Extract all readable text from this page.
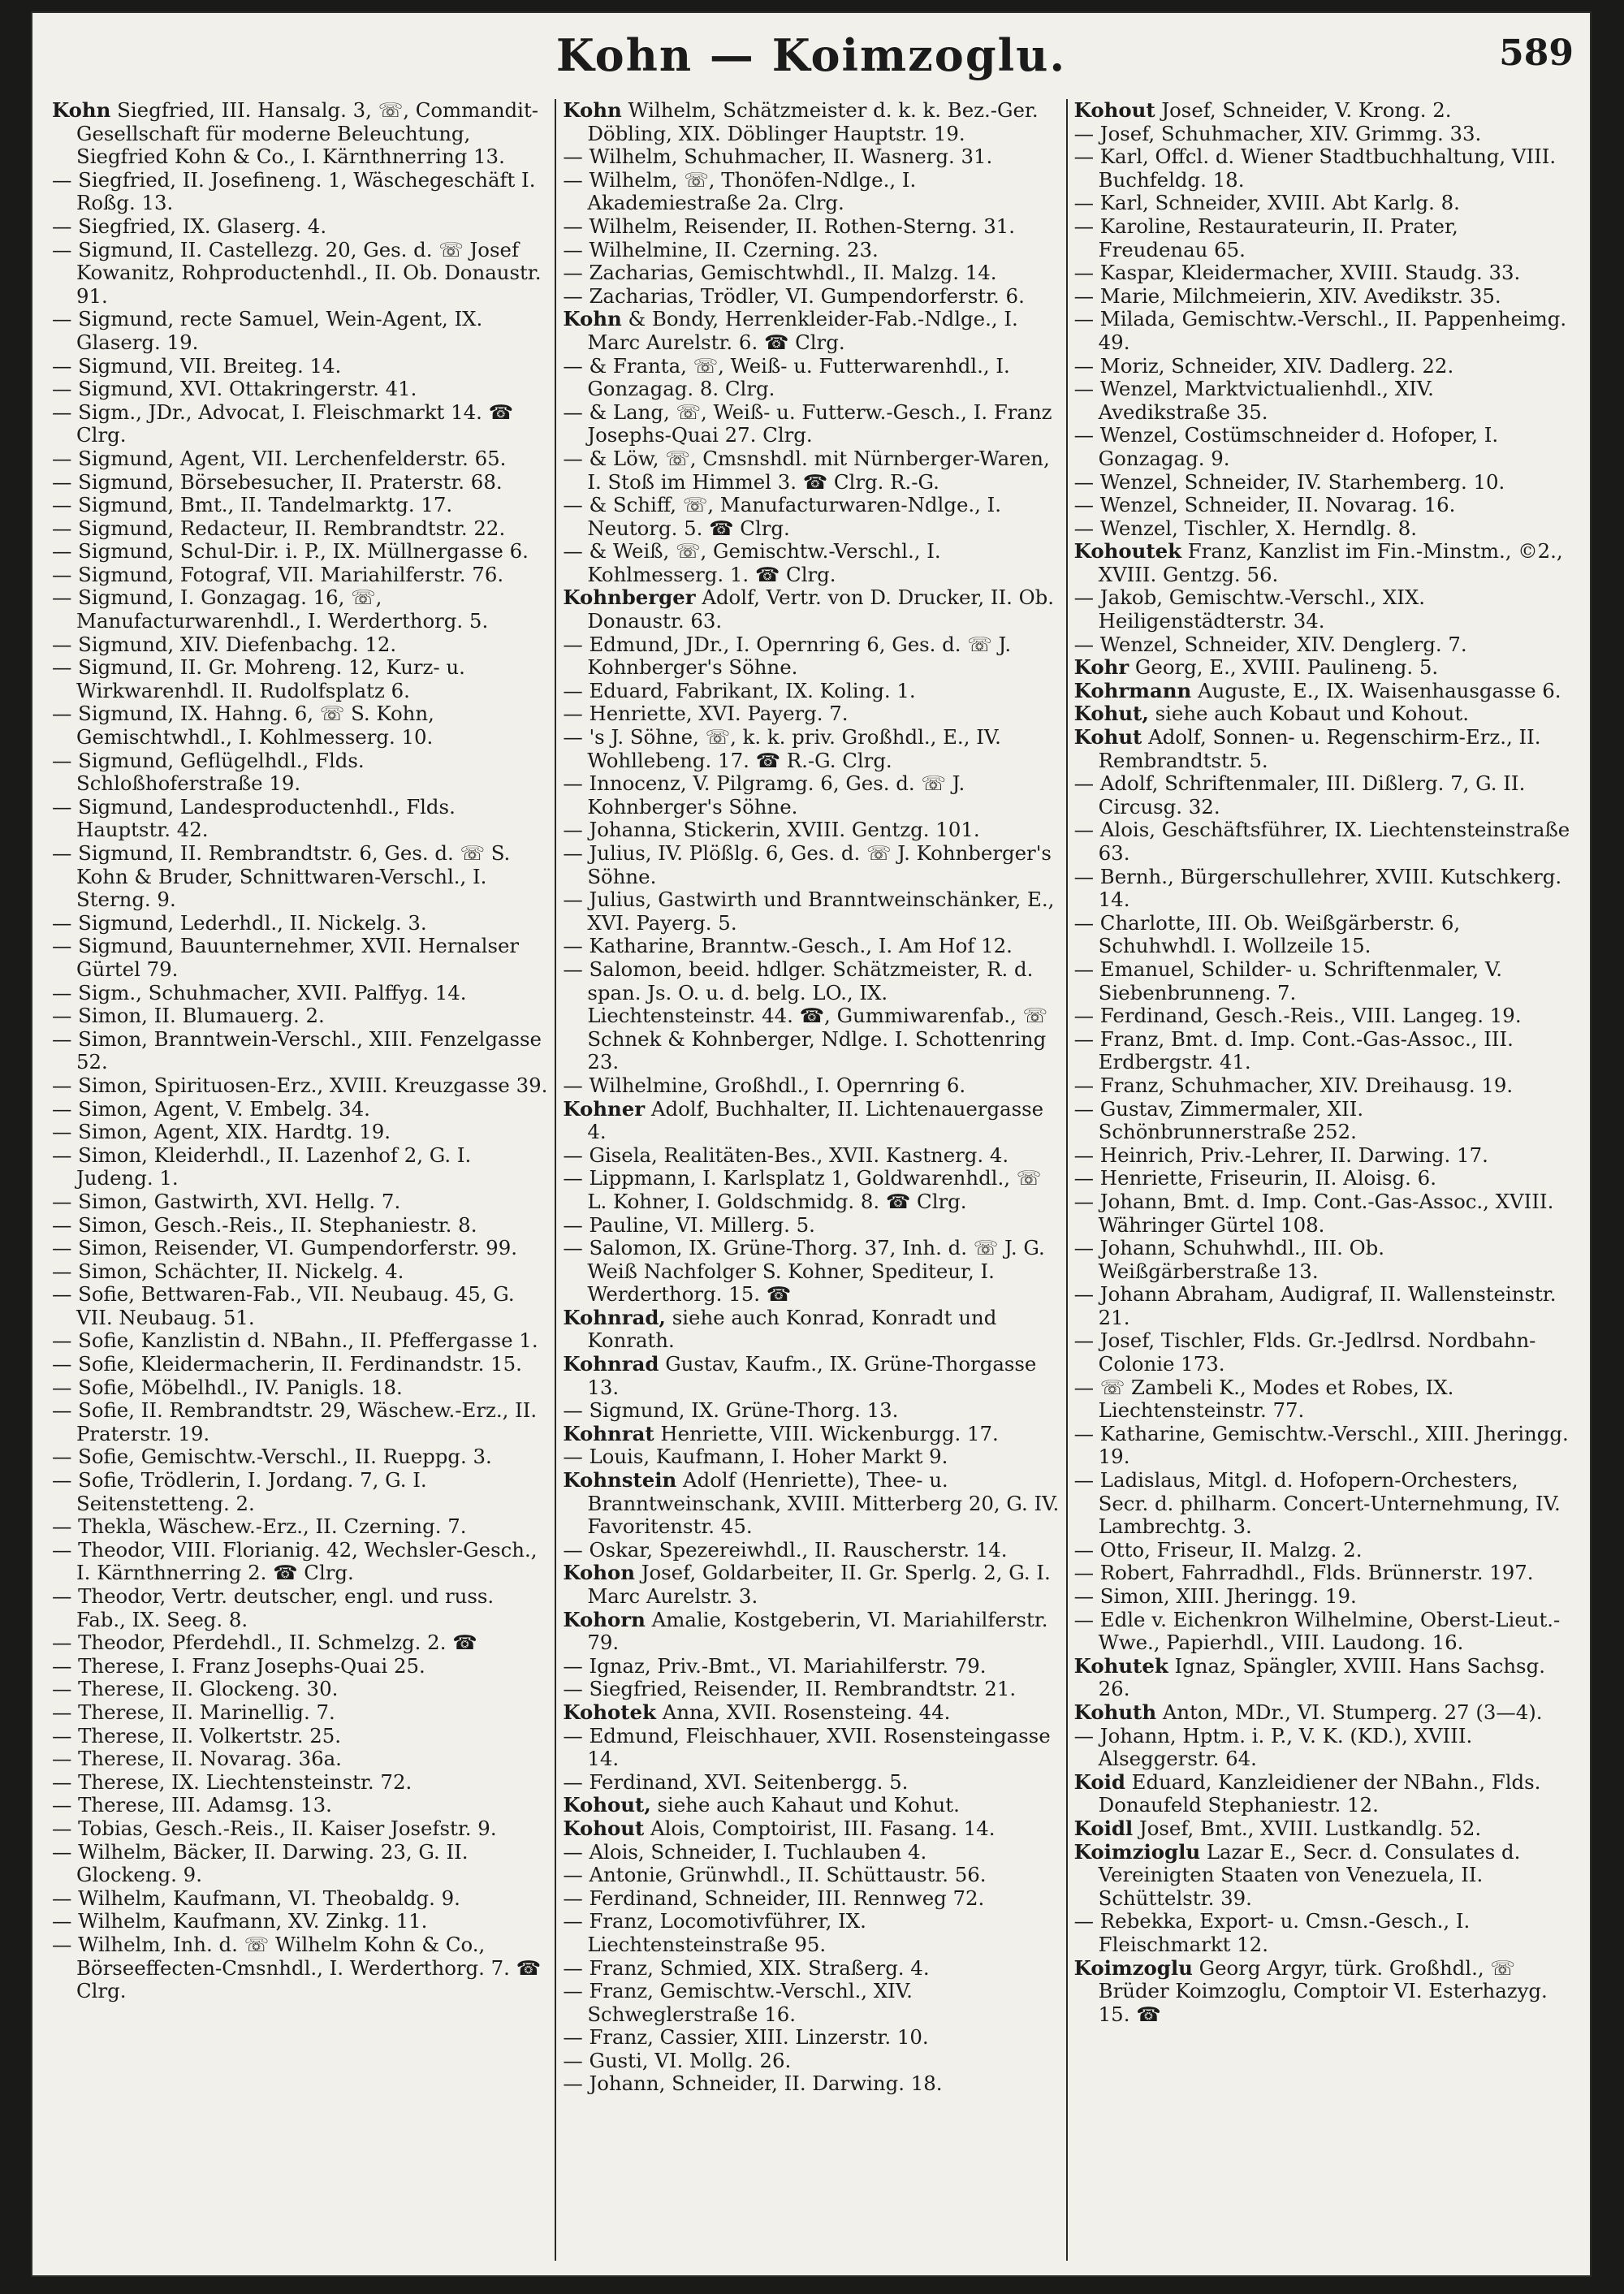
Kohn — Koimzoglu.	589

Kohn Siegfried, III. Hansalg. 3, ☏, Commandit-Gesellschaft für moderne Beleuchtung, Siegfried Kohn & Co., I. Kärnthnerring 13.

— Siegfried, II. Josefineng. 1, Wäschegeschäft I. Roßg. 13.

— Siegfried, IX. Glaserg. 4.

— Sigmund, II. Castellezg. 20, Ges. d. ☏ Josef Kowanitz, Rohproductenhdl., II. Ob. Donaustr. 91.

— Sigmund, recte Samuel, Wein-Agent, IX. Glaserg. 19.

— Sigmund, VII. Breiteg. 14.

— Sigmund, XVI. Ottakringerstr. 41.

— Sigm., JDr., Advocat, I. Fleischmarkt 14. ☎ Clrg.

— Sigmund, Agent, VII. Lerchenfelderstr. 65.

— Sigmund, Börsebesucher, II. Praterstr. 68.

— Sigmund, Bmt., II. Tandelmarktg. 17.

— Sigmund, Redacteur, II. Rembrandtstr. 22.

— Sigmund, Schul-Dir. i. P., IX. Müllnergasse 6.

— Sigmund, Fotograf, VII. Mariahilferstr. 76.

— Sigmund, I. Gonzagag. 16, ☏, Manufacturwarenhdl., I. Werderthorg. 5.

— Sigmund, XIV. Diefenbachg. 12.

— Sigmund, II. Gr. Mohreng. 12, Kurz- u. Wirkwarenhdl. II. Rudolfsplatz 6.

— Sigmund, IX. Hahng. 6, ☏ S. Kohn, Gemischtwhdl., I. Kohlmesserg. 10.

— Sigmund, Geflügelhdl., Flds. Schloßhoferstraße 19.

— Sigmund, Landesproductenhdl., Flds. Hauptstr. 42.

— Sigmund, II. Rembrandtstr. 6, Ges. d. ☏ S. Kohn & Bruder, Schnittwaren-Verschl., I. Sterng. 9.

— Sigmund, Lederhdl., II. Nickelg. 3.

— Sigmund, Bauunternehmer, XVII. Hernalser Gürtel 79.

— Sigm., Schuhmacher, XVII. Palffyg. 14.

— Simon, II. Blumauerg. 2.

— Simon, Branntwein-Verschl., XIII. Fenzelgasse 52.

— Simon, Spirituosen-Erz., XVIII. Kreuzgasse 39.

— Simon, Agent, V. Embelg. 34.

— Simon, Agent, XIX. Hardtg. 19.

— Simon, Kleiderhdl., II. Lazenhof 2, G. I. Judeng. 1.

— Simon, Gastwirth, XVI. Hellg. 7.

— Simon, Gesch.-Reis., II. Stephaniestr. 8.

— Simon, Reisender, VI. Gumpendorferstr. 99.

— Simon, Schächter, II. Nickelg. 4.

— Sofie, Bettwaren-Fab., VII. Neubaug. 45, G. VII. Neubaug. 51.

— Sofie, Kanzlistin d. NBahn., II. Pfeffergasse 1.

— Sofie, Kleidermacherin, II. Ferdinandstr. 15.

— Sofie, Möbelhdl., IV. Panigls. 18.

— Sofie, II. Rembrandtstr. 29, Wäschew.-Erz., II. Praterstr. 19.

— Sofie, Gemischtw.-Verschl., II. Rueppg. 3.

— Sofie, Trödlerin, I. Jordang. 7, G. I. Seitenstetteng. 2.

— Thekla, Wäschew.-Erz., II. Czerning. 7.

— Theodor, VIII. Florianig. 42, Wechsler-Gesch., I. Kärnthnerring 2. ☎ Clrg.

— Theodor, Vertr. deutscher, engl. und russ. Fab., IX. Seeg. 8.

— Theodor, Pferdehdl., II. Schmelzg. 2. ☎

— Therese, I. Franz Josephs-Quai 25.

— Therese, II. Glockeng. 30.

— Therese, II. Marinellig. 7.

— Therese, II. Volkertstr. 25.

— Therese, II. Novarag. 36a.

— Therese, IX. Liechtensteinstr. 72.

— Therese, III. Adamsg. 13.

— Tobias, Gesch.-Reis., II. Kaiser Josefstr. 9.

— Wilhelm, Bäcker, II. Darwing. 23, G. II. Glockeng. 9.

— Wilhelm, Kaufmann, VI. Theobaldg. 9.

— Wilhelm, Kaufmann, XV. Zinkg. 11.

— Wilhelm, Inh. d. ☏ Wilhelm Kohn & Co., Börseeffecten-Cmsnhdl., I. Werderthorg. 7. ☎ Clrg.

Kohn Wilhelm, Schätzmeister d. k. k. Bez.-Ger. Döbling, XIX. Döblinger Hauptstr. 19.

— Wilhelm, Schuhmacher, II. Wasnerg. 31.

— Wilhelm, ☏, Thonöfen-Ndlge., I. Akademiestraße 2a. Clrg.

— Wilhelm, Reisender, II. Rothen-Sterng. 31.

— Wilhelmine, II. Czerning. 23.

— Zacharias, Gemischtwhdl., II. Malzg. 14.

— Zacharias, Trödler, VI. Gumpendorferstr. 6.

Kohn & Bondy, Herrenkleider-Fab.-Ndlge., I. Marc Aurelstr. 6. ☎ Clrg.

— & Franta, ☏, Weiß- u. Futterwarenhdl., I. Gonzagag. 8. Clrg.

— & Lang, ☏, Weiß- u. Futterw.-Gesch., I. Franz Josephs-Quai 27. Clrg.

— & Löw, ☏, Cmsnshdl. mit Nürnberger-Waren, I. Stoß im Himmel 3. ☎ Clrg. R.-G.

— & Schiff, ☏, Manufacturwaren-Ndlge., I. Neutorg. 5. ☎ Clrg.

— & Weiß, ☏, Gemischtw.-Verschl., I. Kohlmesserg. 1. ☎ Clrg.

Kohnberger Adolf, Vertr. von D. Drucker, II. Ob. Donaustr. 63.

— Edmund, JDr., I. Opernring 6, Ges. d. ☏ J. Kohnberger's Söhne.

— Eduard, Fabrikant, IX. Koling. 1.

— Henriette, XVI. Payerg. 7.

— 's J. Söhne, ☏, k. k. priv. Großhdl., E., IV. Wohllebeng. 17. ☎ R.-G. Clrg.

— Innocenz, V. Pilgramg. 6, Ges. d. ☏ J. Kohnberger's Söhne.

— Johanna, Stickerin, XVIII. Gentzg. 101.

— Julius, IV. Plößlg. 6, Ges. d. ☏ J. Kohnberger's Söhne.

— Julius, Gastwirth und Branntweinschänker, E., XVI. Payerg. 5.

— Katharine, Branntw.-Gesch., I. Am Hof 12.

— Salomon, beeid. hdlger. Schätzmeister, R. d. span. Js. O. u. d. belg. LO., IX. Liechtensteinstr. 44. ☎, Gummiwarenfab., ☏ Schnek & Kohnberger, Ndlge. I. Schottenring 23.

— Wilhelmine, Großhdl., I. Opernring 6.

Kohner Adolf, Buchhalter, II. Lichtenauergasse 4.

— Gisela, Realitäten-Bes., XVII. Kastnerg. 4.

— Lippmann, I. Karlsplatz 1, Goldwarenhdl., ☏ L. Kohner, I. Goldschmidg. 8. ☎ Clrg.

— Pauline, VI. Millerg. 5.

— Salomon, IX. Grüne-Thorg. 37, Inh. d. ☏ J. G. Weiß Nachfolger S. Kohner, Spediteur, I. Werderthorg. 15. ☎

Kohnrad, siehe auch Konrad, Konradt und Konrath.

Kohnrad Gustav, Kaufm., IX. Grüne-Thorgasse 13.

— Sigmund, IX. Grüne-Thorg. 13.

Kohnrat Henriette, VIII. Wickenburgg. 17.

— Louis, Kaufmann, I. Hoher Markt 9.

Kohnstein Adolf (Henriette), Thee- u. Branntweinschank, XVIII. Mitterberg 20, G. IV. Favoritenstr. 45.

— Oskar, Spezereiwhdl., II. Rauscherstr. 14.

Kohon Josef, Goldarbeiter, II. Gr. Sperlg. 2, G. I. Marc Aurelstr. 3.

Kohorn Amalie, Kostgeberin, VI. Mariahilferstr. 79.

— Ignaz, Priv.-Bmt., VI. Mariahilferstr. 79.

— Siegfried, Reisender, II. Rembrandtstr. 21.

Kohotek Anna, XVII. Rosensteing. 44.

— Edmund, Fleischhauer, XVII. Rosensteingasse 14.

— Ferdinand, XVI. Seitenbergg. 5.

Kohout, siehe auch Kahaut und Kohut.

Kohout Alois, Comptoirist, III. Fasang. 14.

— Alois, Schneider, I. Tuchlauben 4.

— Antonie, Grünwhdl., II. Schüttaustr. 56.

— Ferdinand, Schneider, III. Rennweg 72.

— Franz, Locomotivführer, IX. Liechtensteinstraße 95.

— Franz, Schmied, XIX. Straßerg. 4.

— Franz, Gemischtw.-Verschl., XIV. Schweglerstraße 16.

— Franz, Cassier, XIII. Linzerstr. 10.

— Gusti, VI. Mollg. 26.

— Johann, Schneider, II. Darwing. 18.

Kohout Josef, Schneider, V. Krong. 2.

— Josef, Schuhmacher, XIV. Grimmg. 33.

— Karl, Offcl. d. Wiener Stadtbuchhaltung, VIII. Buchfeldg. 18.

— Karl, Schneider, XVIII. Abt Karlg. 8.

— Karoline, Restaurateurin, II. Prater, Freudenau 65.

— Kaspar, Kleidermacher, XVIII. Staudg. 33.

— Marie, Milchmeierin, XIV. Avedikstr. 35.

— Milada, Gemischtw.-Verschl., II. Pappenheimg. 49.

— Moriz, Schneider, XIV. Dadlerg. 22.

— Wenzel, Marktvictualienhdl., XIV. Avedikstraße 35.

— Wenzel, Costümschneider d. Hofoper, I. Gonzagag. 9.

— Wenzel, Schneider, IV. Starhemberg. 10.

— Wenzel, Schneider, II. Novarag. 16.

— Wenzel, Tischler, X. Herndlg. 8.

Kohoutek Franz, Kanzlist im Fin.-Minstm., ©2., XVIII. Gentzg. 56.

— Jakob, Gemischtw.-Verschl., XIX. Heiligenstädterstr. 34.

— Wenzel, Schneider, XIV. Denglerg. 7.

Kohr Georg, E., XVIII. Paulineng. 5.

Kohrmann Auguste, E., IX. Waisenhausgasse 6.

Kohut, siehe auch Kobaut und Kohout.

Kohut Adolf, Sonnen- u. Regenschirm-Erz., II. Rembrandtstr. 5.

— Adolf, Schriftenmaler, III. Dißlerg. 7, G. II. Circusg. 32.

— Alois, Geschäftsführer, IX. Liechtensteinstraße 63.

— Bernh., Bürgerschullehrer, XVIII. Kutschkerg. 14.

— Charlotte, III. Ob. Weißgärberstr. 6, Schuhwhdl. I. Wollzeile 15.

— Emanuel, Schilder- u. Schriftenmaler, V. Siebenbrunneng. 7.

— Ferdinand, Gesch.-Reis., VIII. Langeg. 19.

— Franz, Bmt. d. Imp. Cont.-Gas-Assoc., III. Erdbergstr. 41.

— Franz, Schuhmacher, XIV. Dreihausg. 19.

— Gustav, Zimmermaler, XII. Schönbrunnerstraße 252.

— Heinrich, Priv.-Lehrer, II. Darwing. 17.

— Henriette, Friseurin, II. Aloisg. 6.

— Johann, Bmt. d. Imp. Cont.-Gas-Assoc., XVIII. Währinger Gürtel 108.

— Johann, Schuhwhdl., III. Ob. Weißgärberstraße 13.

— Johann Abraham, Audigraf, II. Wallensteinstr. 21.

— Josef, Tischler, Flds. Gr.-Jedlrsd. Nordbahn-Colonie 173.

— ☏ Zambeli K., Modes et Robes, IX. Liechtensteinstr. 77.

— Katharine, Gemischtw.-Verschl., XIII. Jheringg. 19.

— Ladislaus, Mitgl. d. Hofopern-Orchesters, Secr. d. philharm. Concert-Unternehmung, IV. Lambrechtg. 3.

— Otto, Friseur, II. Malzg. 2.

— Robert, Fahrradhdl., Flds. Brünnerstr. 197.

— Simon, XIII. Jheringg. 19.

— Edle v. Eichenkron Wilhelmine, Oberst-Lieut.-Wwe., Papierhdl., VIII. Laudong. 16.

Kohutek Ignaz, Spängler, XVIII. Hans Sachsg. 26.

Kohuth Anton, MDr., VI. Stumperg. 27 (3—4).

— Johann, Hptm. i. P., V. K. (KD.), XVIII. Alseggerstr. 64.

Koid Eduard, Kanzleidiener der NBahn., Flds. Donaufeld Stephaniestr. 12.

Koidl Josef, Bmt., XVIII. Lustkandlg. 52.

Koimzioglu Lazar E., Secr. d. Consulates d. Vereinigten Staaten von Venezuela, II. Schüttelstr. 39.

— Rebekka, Export- u. Cmsn.-Gesch., I. Fleischmarkt 12.

Koimzoglu Georg Argyr, türk. Großhdl., ☏ Brüder Koimzoglu, Comptoir VI. Esterhazyg. 15. ☎
